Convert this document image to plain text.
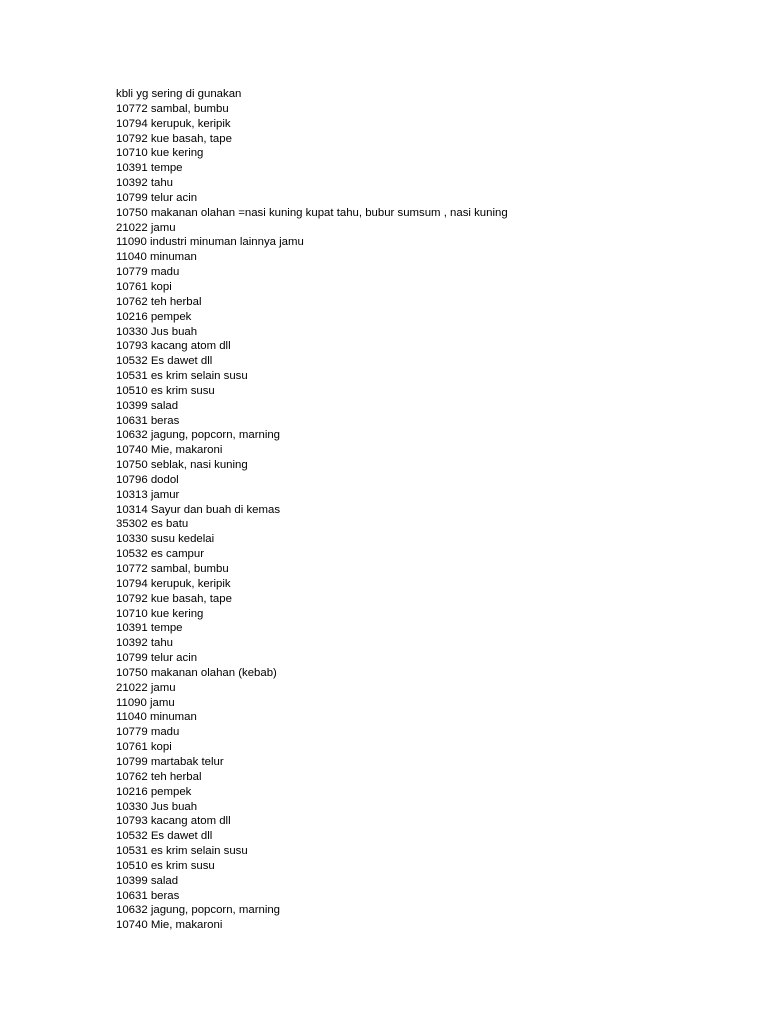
kbli yg sering di gunakan
10772 sambal, bumbu
10794 kerupuk, keripik
10792 kue basah, tape
10710 kue kering
10391 tempe
10392 tahu
10799 telur acin
10750 makanan olahan =nasi kuning kupat tahu, bubur sumsum , nasi kuning
21022 jamu
11090 industri minuman lainnya jamu
11040 minuman
10779 madu
10761 kopi
10762 teh herbal
10216 pempek
10330 Jus buah
10793 kacang atom dll
10532 Es dawet dll
10531 es krim selain susu
10510 es krim susu
10399 salad
10631 beras
10632 jagung, popcorn, marning
10740 Mie, makaroni
10750 seblak, nasi kuning
10796 dodol
10313 jamur
10314 Sayur dan buah di kemas
35302 es batu
10330 susu kedelai
10532 es campur
10772 sambal, bumbu
10794 kerupuk, keripik
10792 kue basah, tape
10710 kue kering
10391 tempe
10392 tahu
10799 telur acin
10750 makanan olahan (kebab)
21022 jamu
11090 jamu
11040 minuman
10779 madu
10761 kopi
10799 martabak telur
10762 teh herbal
10216 pempek
10330 Jus buah
10793 kacang atom dll
10532 Es dawet dll
10531 es krim selain susu
10510 es krim susu
10399 salad
10631 beras
10632 jagung, popcorn, marning
10740 Mie, makaroni
